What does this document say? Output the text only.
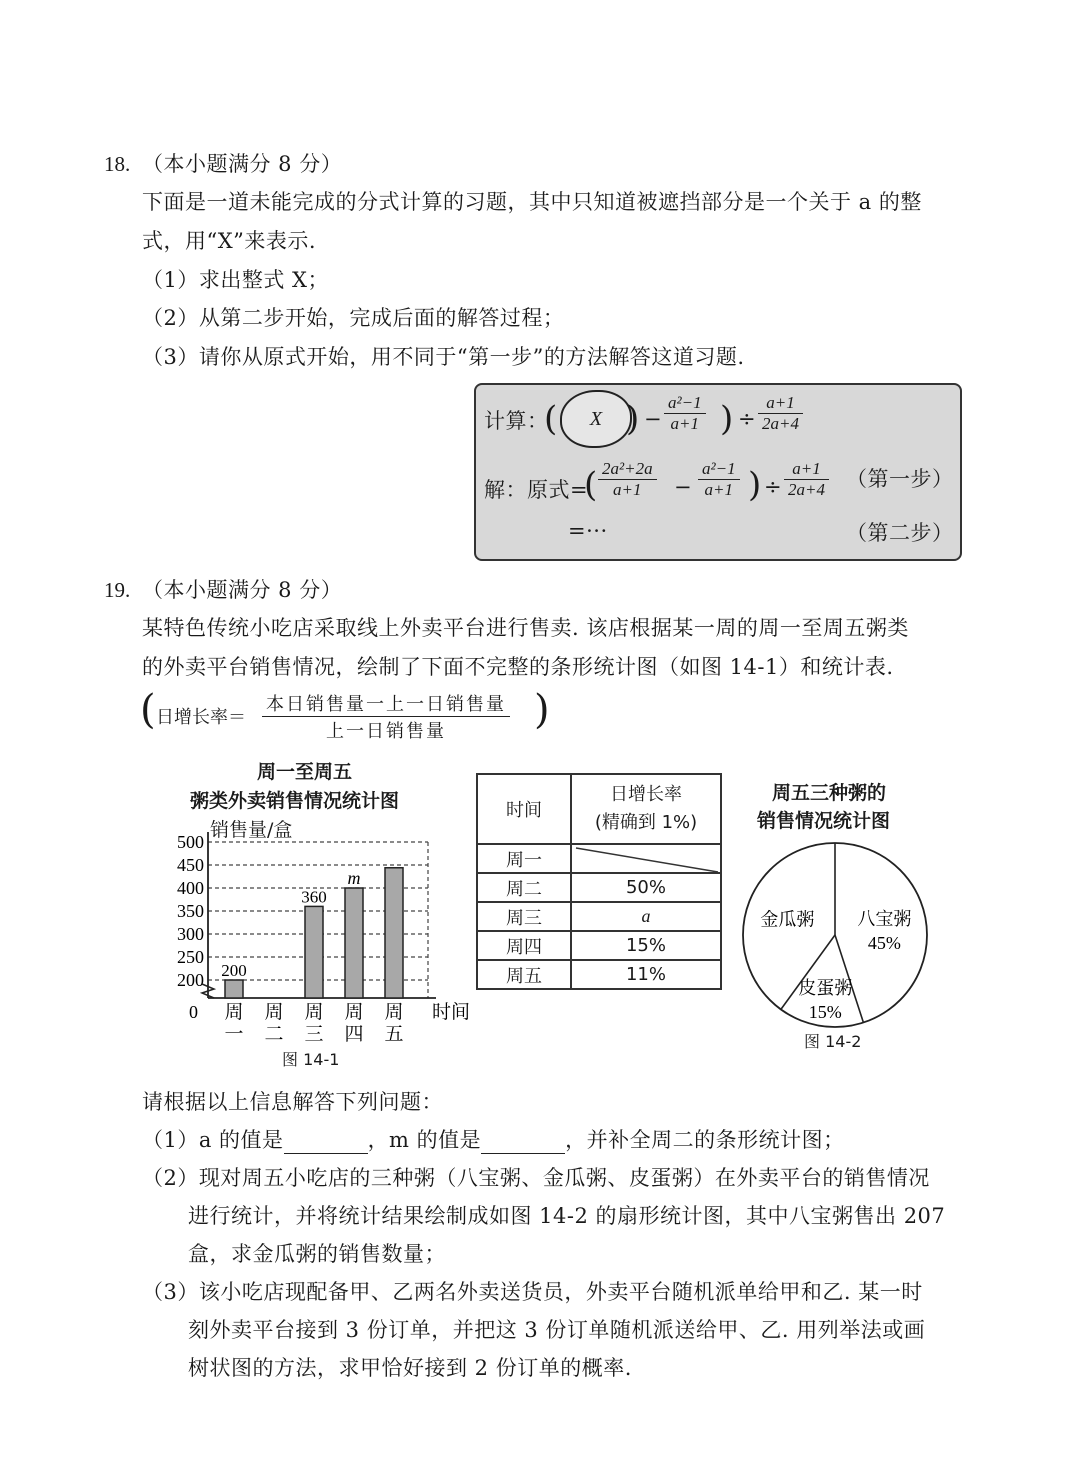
18. （本小题满分 8 分）
下面是一道未能完成的分式计算的习题，其中只知道被遮挡部分是一个关于 a 的整
式，用“X”来表示.
（1）求出整式 X；
（2）从第二步开始，完成后面的解答过程；
（3）请你从原式开始，用不同于“第一步”的方法解答这道习题.
计算：
(	X ) − $\frac{\text{a²−1}}{a+1}$ ) ÷ $\frac{a+1}{2a+4}$
解：原式=
( $\frac{\text{2a²+2a}}{a+1} - \frac{\text{a²−1}}{a+1}$ ) ÷ $\frac{a+1}{2a+4}$ （第一步）
=···	（第二步）
19. （本小题满分 8 分）
某特色传统小吃店采取线上外卖平台进行售卖. 该店根据某一周的周一至周五粥类
的外卖平台销售情况，绘制了下面不完整的条形统计图（如图 14-1）和统计表.
( 日增长率＝
本日销售量一上一日销售量
上一日销售量	)
周一至周五
粥类外卖销售情况统计图
销售量/盒
500
450
400
350
300
250
200
0
200
周
一
周
二
360
周
三
m
周
四
周
五
时间
图 14-1
时间	日增长率
(精确到 1%)

周一	

周二	50%
周三	a
周四	15%
周五	11%
周五三种粥的
销售情况统计图
八宝粥
45%
皮蛋粥
15%
金瓜粥
图 14-2
请根据以上信息解答下列问题：
（1）a 的值是	，m 的值是	，并补全周二的条形统计图；
（2）现对周五小吃店的三种粥（八宝粥、金瓜粥、皮蛋粥）在外卖平台的销售情况
进行统计，并将统计结果绘制成如图 14-2 的扇形统计图，其中八宝粥售出 207
盒，求金瓜粥的销售数量；
（3）该小吃店现配备甲、乙两名外卖送货员，外卖平台随机派单给甲和乙. 某一时
刻外卖平台接到 3 份订单，并把这 3 份订单随机派送给甲、乙. 用列举法或画
树状图的方法，求甲恰好接到 2 份订单的概率.
